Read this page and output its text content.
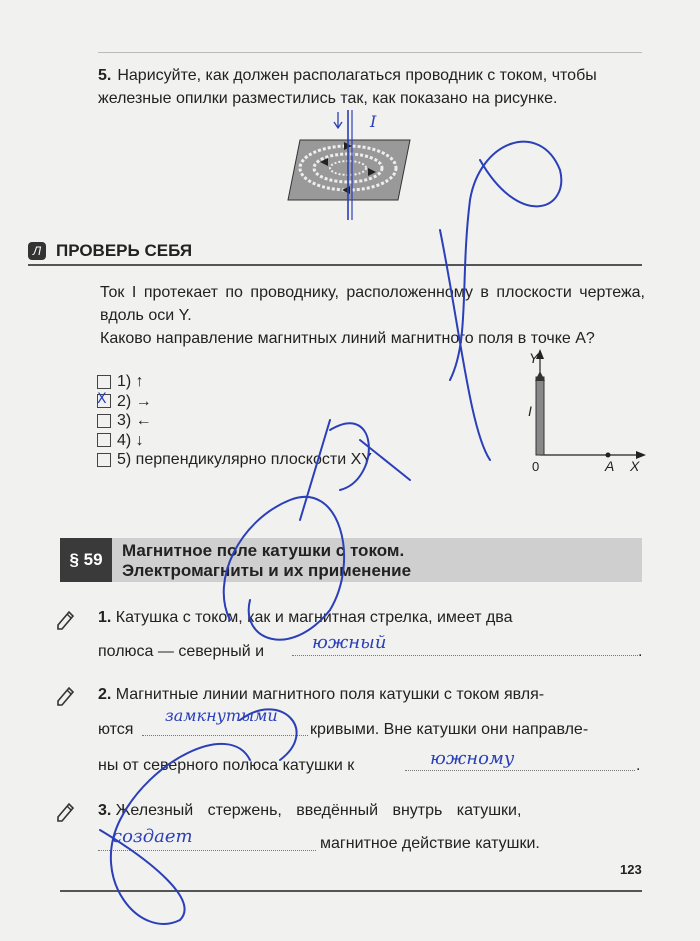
5. Нарисуйте, как должен располагаться проводник с током, чтобы железные опилки разместились так, как показано на рисунке.
I
Л ПРОВЕРЬ СЕБЯ

Ток I протекает по проводнику, расположенному в плоскости чертежа, вдоль оси Y.

Каково направление магнитных линий магнитного поля в точке A?

1) ↑
X 2) →
3) ←
4) ↓
5) перпендикулярно плоскости XY
Y
I
0	A X
§ 59	Магнитное поле катушки с током.
Электромагниты и их применение
1. Катушка с током, как и магнитная стрелка, имеет два
полюса — северный и	.
южный
2. Магнитные линии магнитного поля катушки с током явля-
ются
замкнутыми
кривыми. Вне катушки они направле-
ны от северного полюса катушки к	южному	.
3. Железный стержень, введённый внутрь катушки,
создает	магнитное действие катушки.
123
